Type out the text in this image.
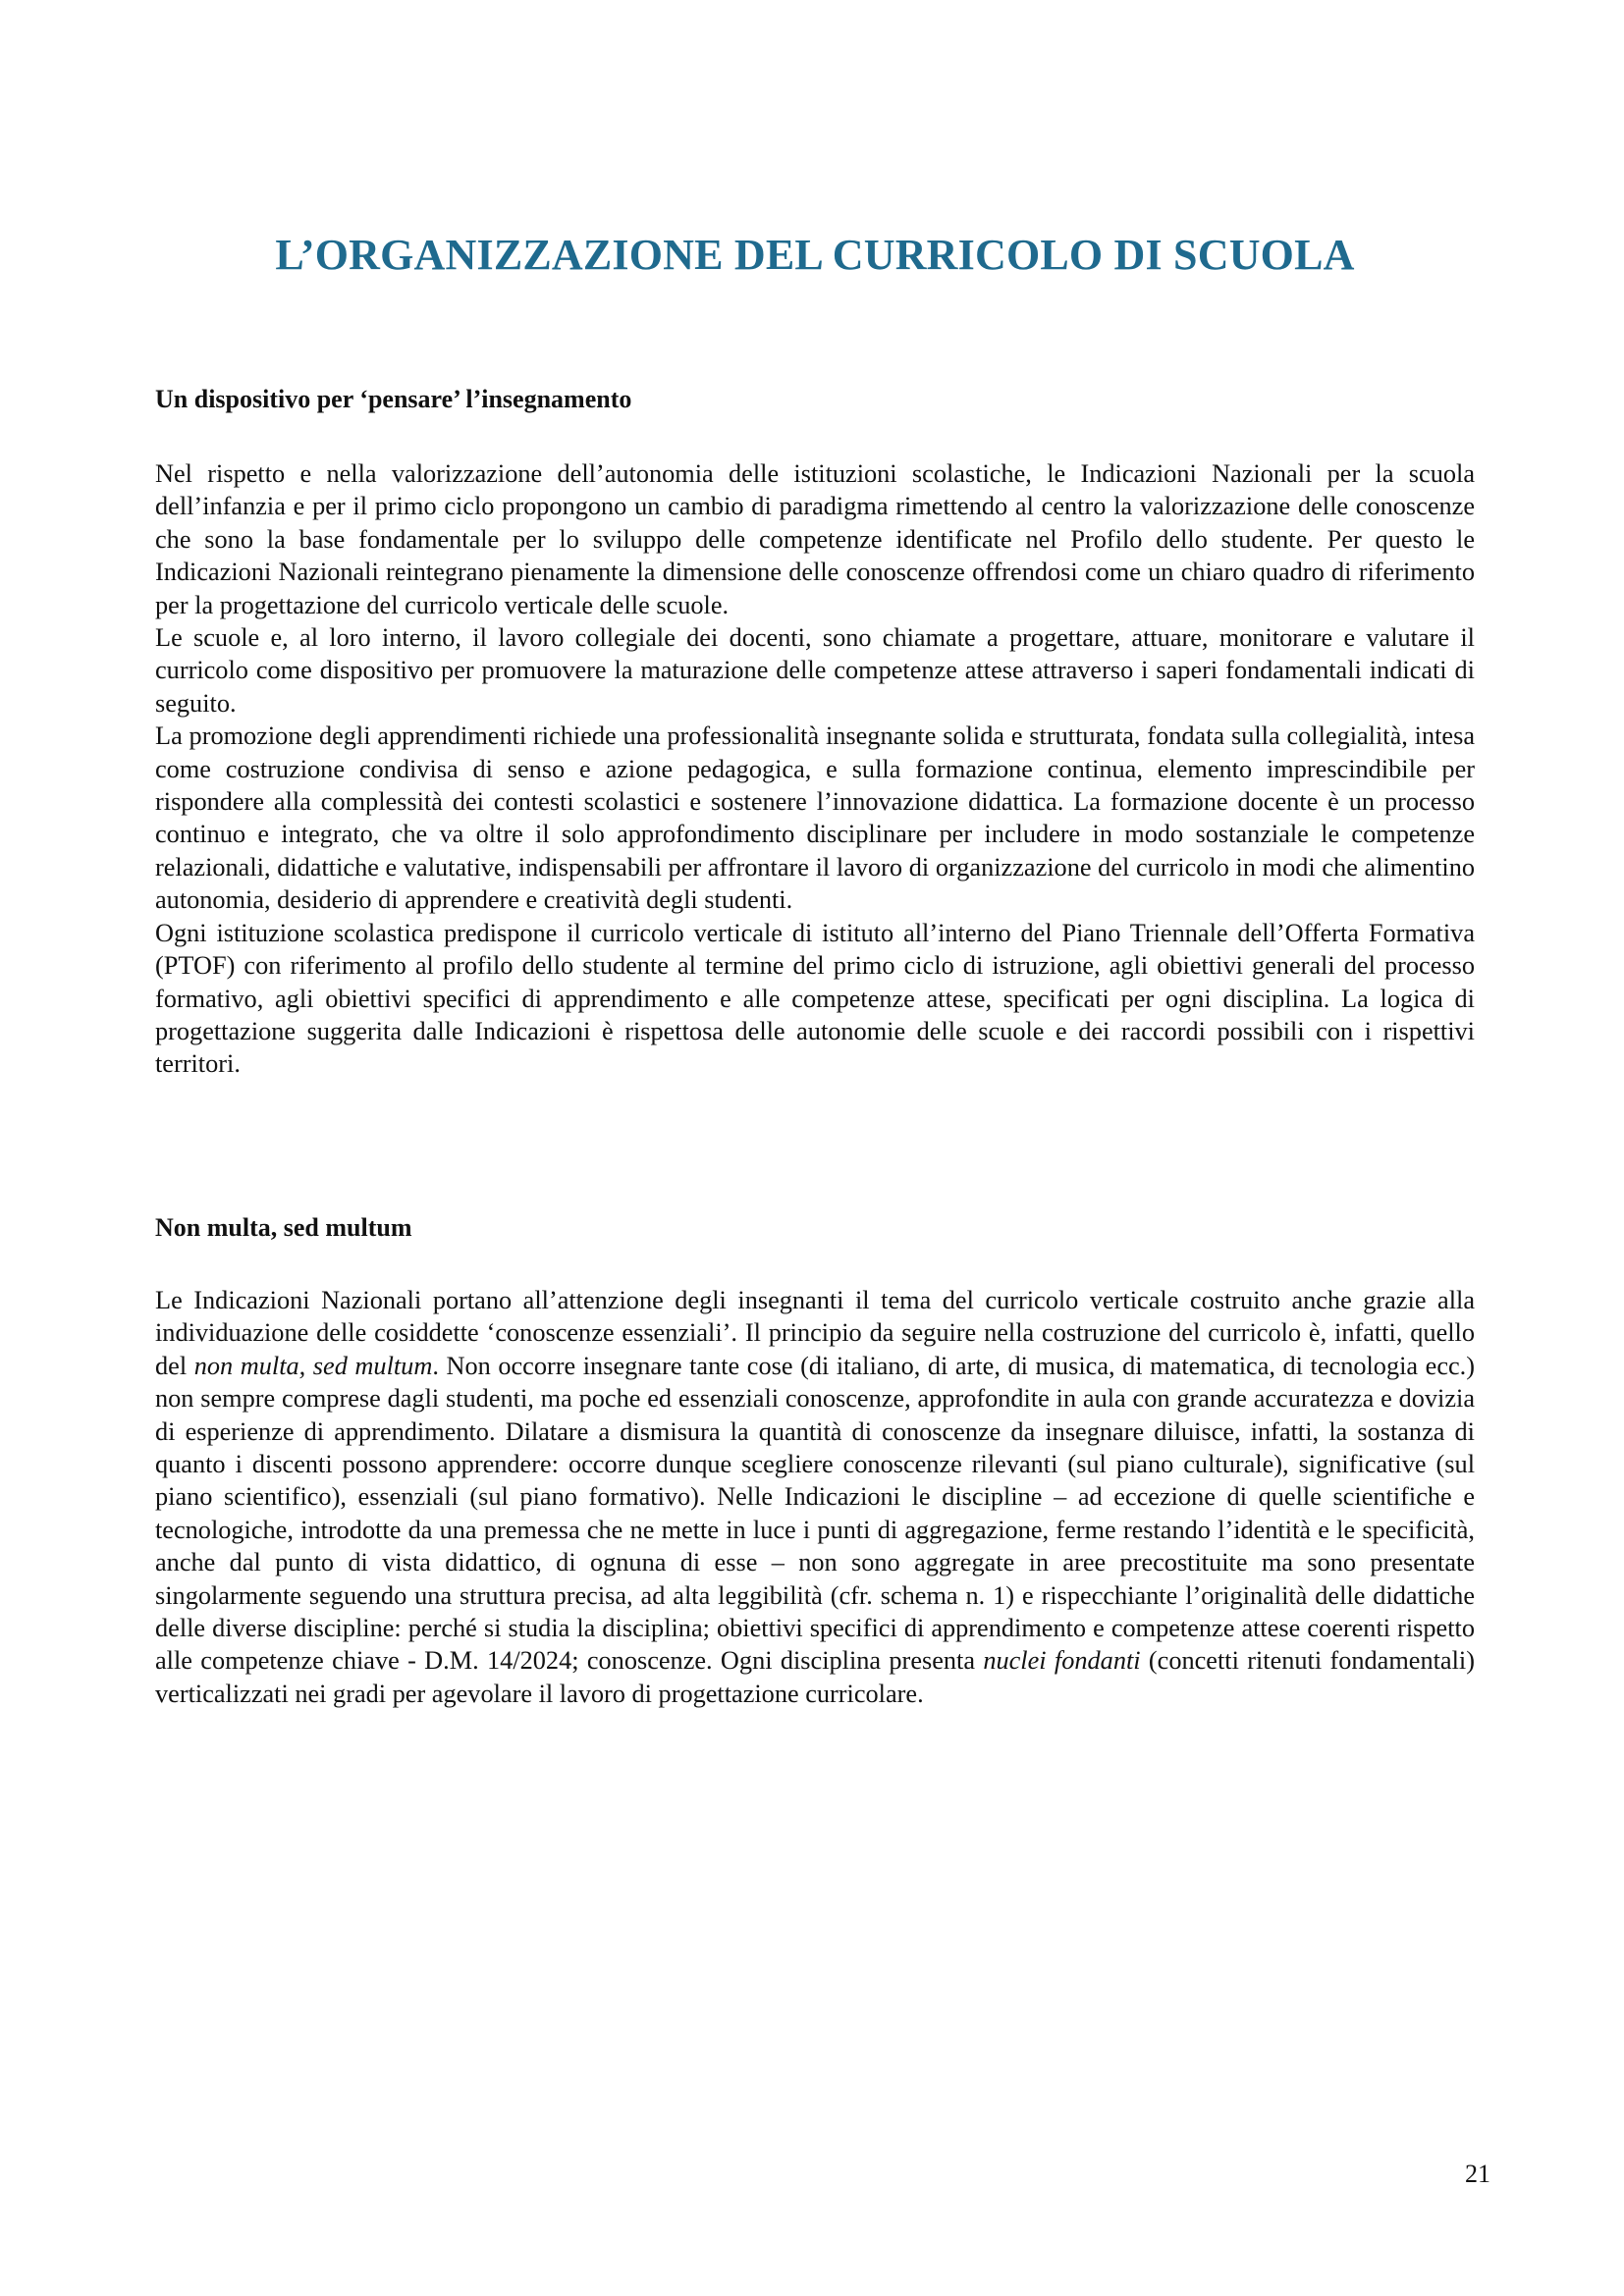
L’ORGANIZZAZIONE DEL CURRICOLO DI SCUOLA
Un dispositivo per ‘pensare’ l’insegnamento

Nel rispetto e nella valorizzazione dell’autonomia delle istituzioni scolastiche, le Indicazioni Nazionali per la scuola dell’infanzia e per il primo ciclo propongono un cambio di paradigma rimettendo al centro la valorizzazione delle conoscenze che sono la base fondamentale per lo sviluppo delle competenze identificate nel Profilo dello studente. Per questo le Indicazioni Nazionali reintegrano pienamente la dimensione delle conoscenze offrendosi come un chiaro quadro di riferimento per la progettazione del curricolo verticale delle scuole.

Le scuole e, al loro interno, il lavoro collegiale dei docenti, sono chiamate a progettare, attuare, monitorare e valutare il curricolo come dispositivo per promuovere la maturazione delle competenze attese attraverso i saperi fondamentali indicati di seguito.

La promozione degli apprendimenti richiede una professionalità insegnante solida e strutturata, fondata sulla collegialità, intesa come costruzione condivisa di senso e azione pedagogica, e sulla formazione continua, elemento imprescindibile per rispondere alla complessità dei contesti scolastici e sostenere l’innovazione didattica. La formazione docente è un processo continuo e integrato, che va oltre il solo approfondimento disciplinare per includere in modo sostanziale le competenze relazionali, didattiche e valutative, indispensabili per affrontare il lavoro di organizzazione del curricolo in modi che alimentino autonomia, desiderio di apprendere e creatività degli studenti.

Ogni istituzione scolastica predispone il curricolo verticale di istituto all’interno del Piano Triennale dell’Offerta Formativa (PTOF) con riferimento al profilo dello studente al termine del primo ciclo di istruzione, agli obiettivi generali del processo formativo, agli obiettivi specifici di apprendimento e alle competenze attese, specificati per ogni disciplina. La logica di progettazione suggerita dalle Indicazioni è rispettosa delle autonomie delle scuole e dei raccordi possibili con i rispettivi territori.

Non multa, sed multum

Le Indicazioni Nazionali portano all’attenzione degli insegnanti il tema del curricolo verticale costruito anche grazie alla individuazione delle cosiddette ‘conoscenze essenziali’. Il principio da seguire nella costruzione del curricolo è, infatti, quello del non multa, sed multum. Non occorre insegnare tante cose (di italiano, di arte, di musica, di matematica, di tecnologia ecc.) non sempre comprese dagli studenti, ma poche ed essenziali conoscenze, approfondite in aula con grande accuratezza e dovizia di esperienze di apprendimento. Dilatare a dismisura la quantità di conoscenze da insegnare diluisce, infatti, la sostanza di quanto i discenti possono apprendere: occorre dunque scegliere conoscenze rilevanti (sul piano culturale), significative (sul piano scientifico), essenziali (sul piano formativo). Nelle Indicazioni le discipline – ad eccezione di quelle scientifiche e tecnologiche, introdotte da una premessa che ne mette in luce i punti di aggregazione, ferme restando l’identità e le specificità, anche dal punto di vista didattico, di ognuna di esse – non sono aggregate in aree precostituite ma sono presentate singolarmente seguendo una struttura precisa, ad alta leggibilità (cfr. schema n. 1) e rispecchiante l’originalità delle didattiche delle diverse discipline: perché si studia la disciplina; obiettivi specifici di apprendimento e competenze attese coerenti rispetto alle competenze chiave - D.M. 14/2024; conoscenze. Ogni disciplina presenta nuclei fondanti (concetti ritenuti fondamentali) verticalizzati nei gradi per agevolare il lavoro di progettazione curricolare.

21
